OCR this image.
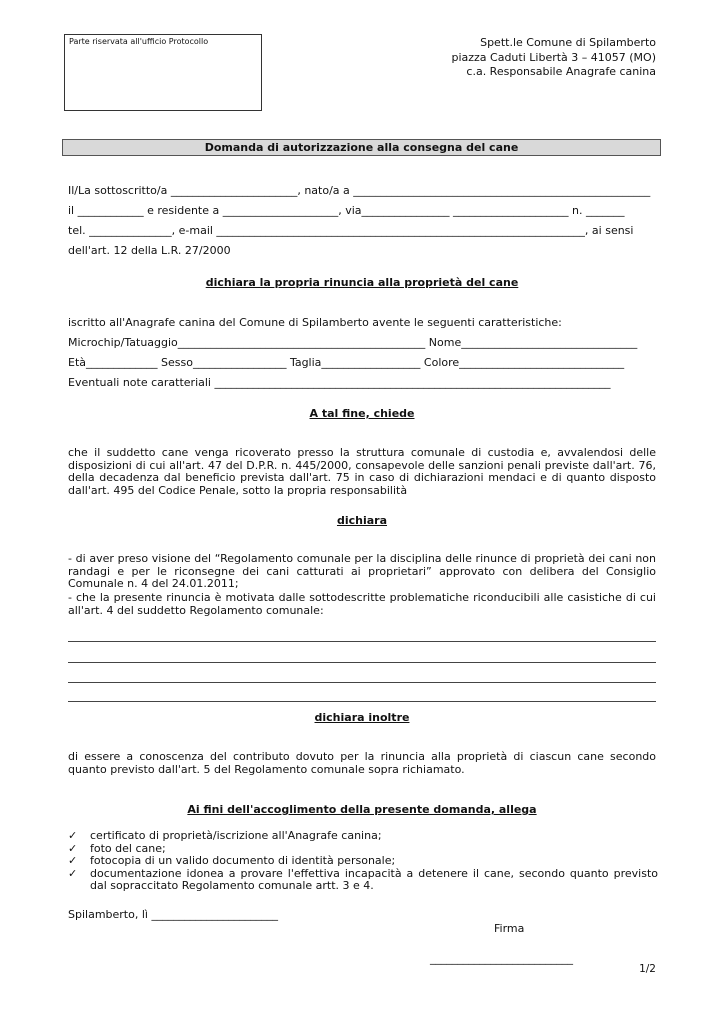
Parte riservata all'ufficio Protocollo	Spett.le Comune di Spilamberto
piazza Caduti Libertà 3 – 41057 (MO)
c.a. Responsabile Anagrafe canina
Domanda di autorizzazione alla consegna del cane
Il/La sottoscritto/a _______________________, nato/a a ______________________________________________________
il ____________ e residente a _____________________, via________________ _____________________ n. _______
tel. _______________, e-mail ___________________________________________________________________, ai sensi
dell'art. 12 della L.R. 27/2000
dichiara la propria rinuncia alla proprietà del cane
iscritto all'Anagrafe canina del Comune di Spilamberto avente le seguenti caratteristiche:
Microchip/Tatuaggio_____________________________________________ Nome________________________________
Età_____________ Sesso_________________ Taglia__________________ Colore______________________________
Eventuali note caratteriali ________________________________________________________________________
A tal fine, chiede
che il suddetto cane venga ricoverato presso la struttura comunale di custodia e, avvalendosi delle disposizioni di cui all'art. 47 del D.P.R. n. 445/2000, consapevole delle sanzioni penali previste dall'art. 76, della decadenza dal beneficio prevista dall'art. 75 in caso di dichiarazioni mendaci e di quanto disposto dall'art. 495 del Codice Penale, sotto la propria responsabilità
dichiara
- di aver preso visione del “Regolamento comunale per la disciplina delle rinunce di proprietà dei cani non randagi e per le riconsegne dei cani catturati ai proprietari” approvato con delibera del Consiglio Comunale n. 4 del 24.01.2011;
- che la presente rinuncia è motivata dalle sottodescritte problematiche riconducibili alle casistiche di cui all'art. 4 del suddetto Regolamento comunale:
dichiara inoltre
di essere a conoscenza del contributo dovuto per la rinuncia alla proprietà di ciascun cane secondo quanto previsto dall'art. 5 del Regolamento comunale sopra richiamato.
Ai fini dell'accoglimento della presente domanda, allega
✓ certificato di proprietà/iscrizione all'Anagrafe canina;
✓ foto del cane;
✓ fotocopia di un valido documento di identità personale;
✓ documentazione idonea a provare l'effettiva incapacità a detenere il cane, secondo quanto previsto dal sopraccitato Regolamento comunale artt. 3 e 4.
Spilamberto, lì _______________________
Firma
__________________________
1/2
